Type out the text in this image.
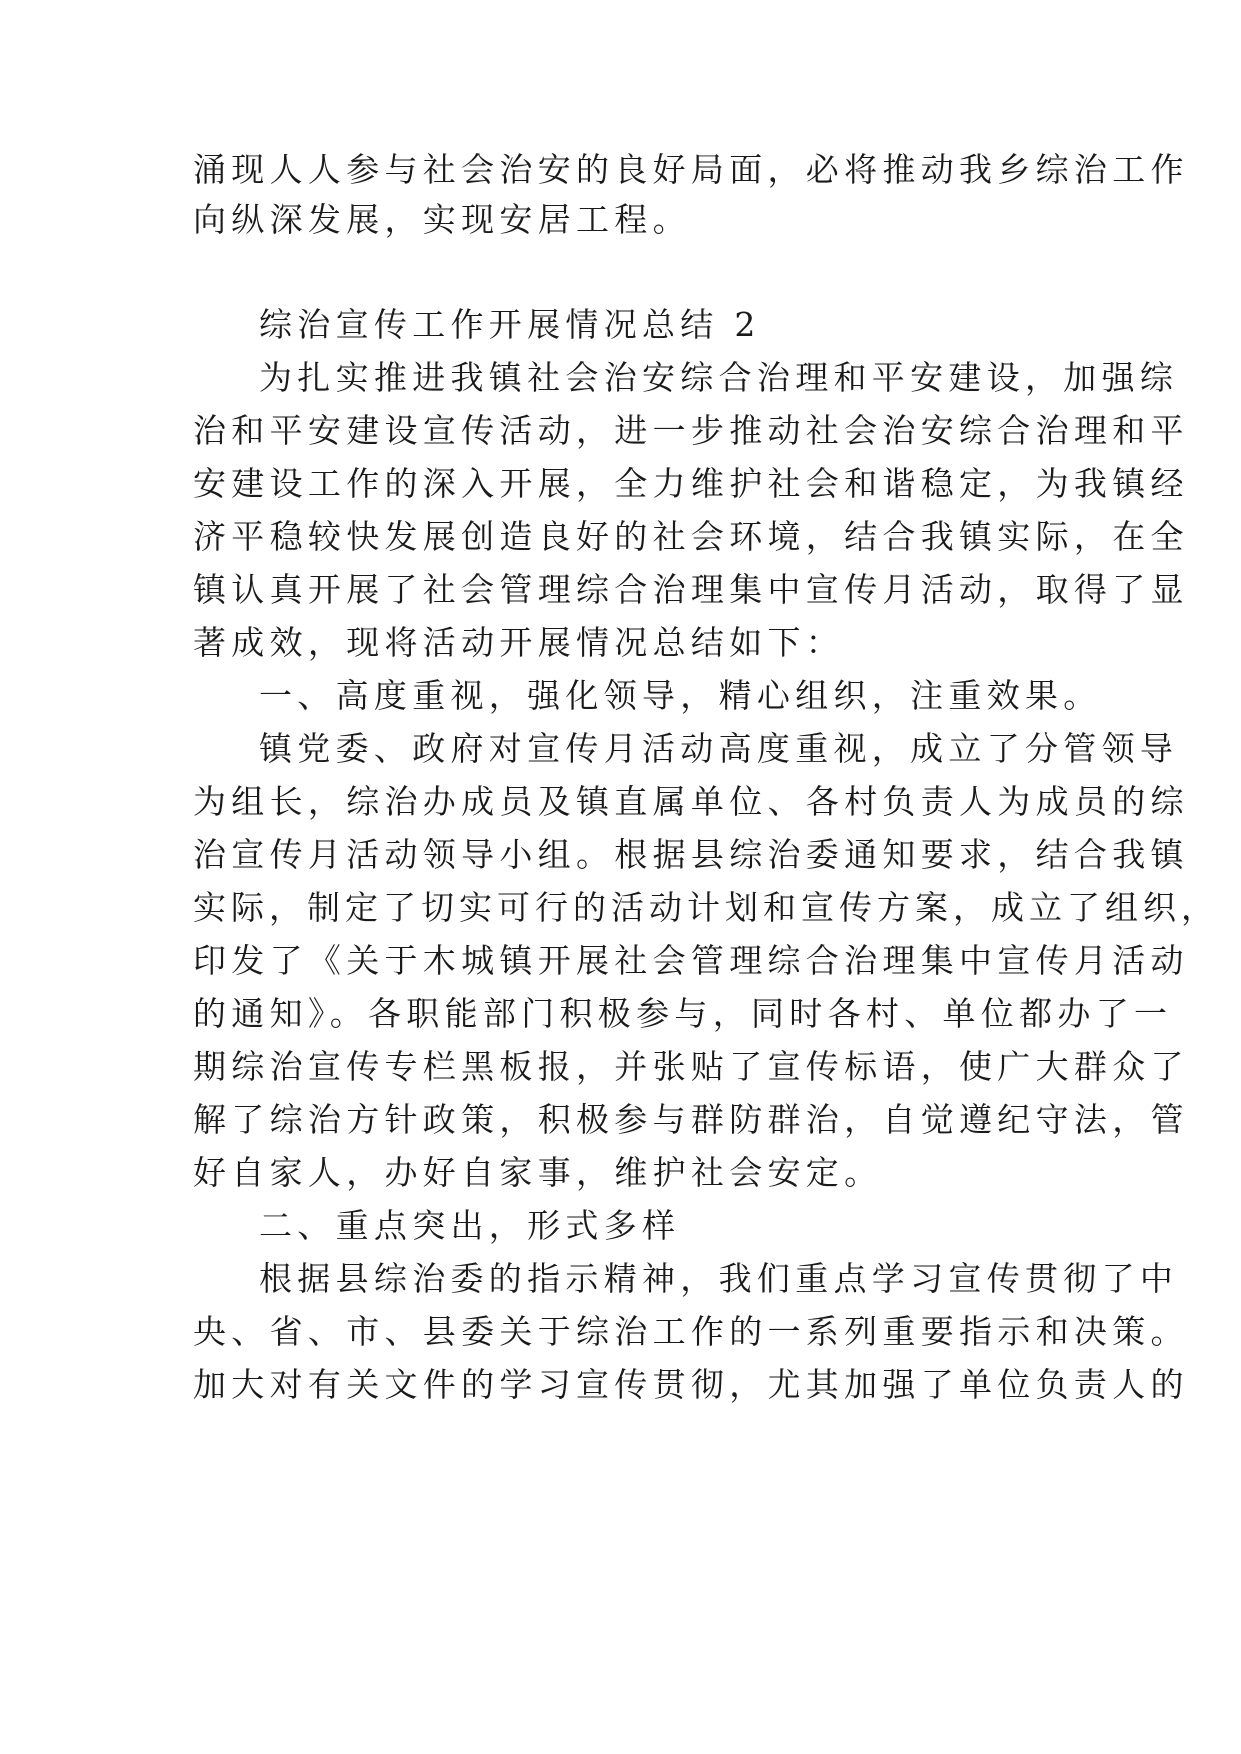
涌现人人参与社会治安的良好局面，必将推动我乡综治工作
向纵深发展，实现安居工程。
综治宣传工作开展情况总结 2
为扎实推进我镇社会治安综合治理和平安建设，加强综
治和平安建设宣传活动，进一步推动社会治安综合治理和平
安建设工作的深入开展，全力维护社会和谐稳定，为我镇经
济平稳较快发展创造良好的社会环境，结合我镇实际，在全
镇认真开展了社会管理综合治理集中宣传月活动，取得了显
著成效，现将活动开展情况总结如下：
一、高度重视，强化领导，精心组织，注重效果。
镇党委、政府对宣传月活动高度重视，成立了分管领导
为组长，综治办成员及镇直属单位、各村负责人为成员的综
治宣传月活动领导小组。根据县综治委通知要求，结合我镇
实际，制定了切实可行的活动计划和宣传方案，成立了组织，
印发了《关于木城镇开展社会管理综合治理集中宣传月活动
的通知》。各职能部门积极参与，同时各村、单位都办了一
期综治宣传专栏黑板报，并张贴了宣传标语，使广大群众了
解了综治方针政策，积极参与群防群治，自觉遵纪守法，管
好自家人，办好自家事，维护社会安定。
二、重点突出，形式多样
根据县综治委的指示精神，我们重点学习宣传贯彻了中
央、省、市、县委关于综治工作的一系列重要指示和决策。
加大对有关文件的学习宣传贯彻，尤其加强了单位负责人的
